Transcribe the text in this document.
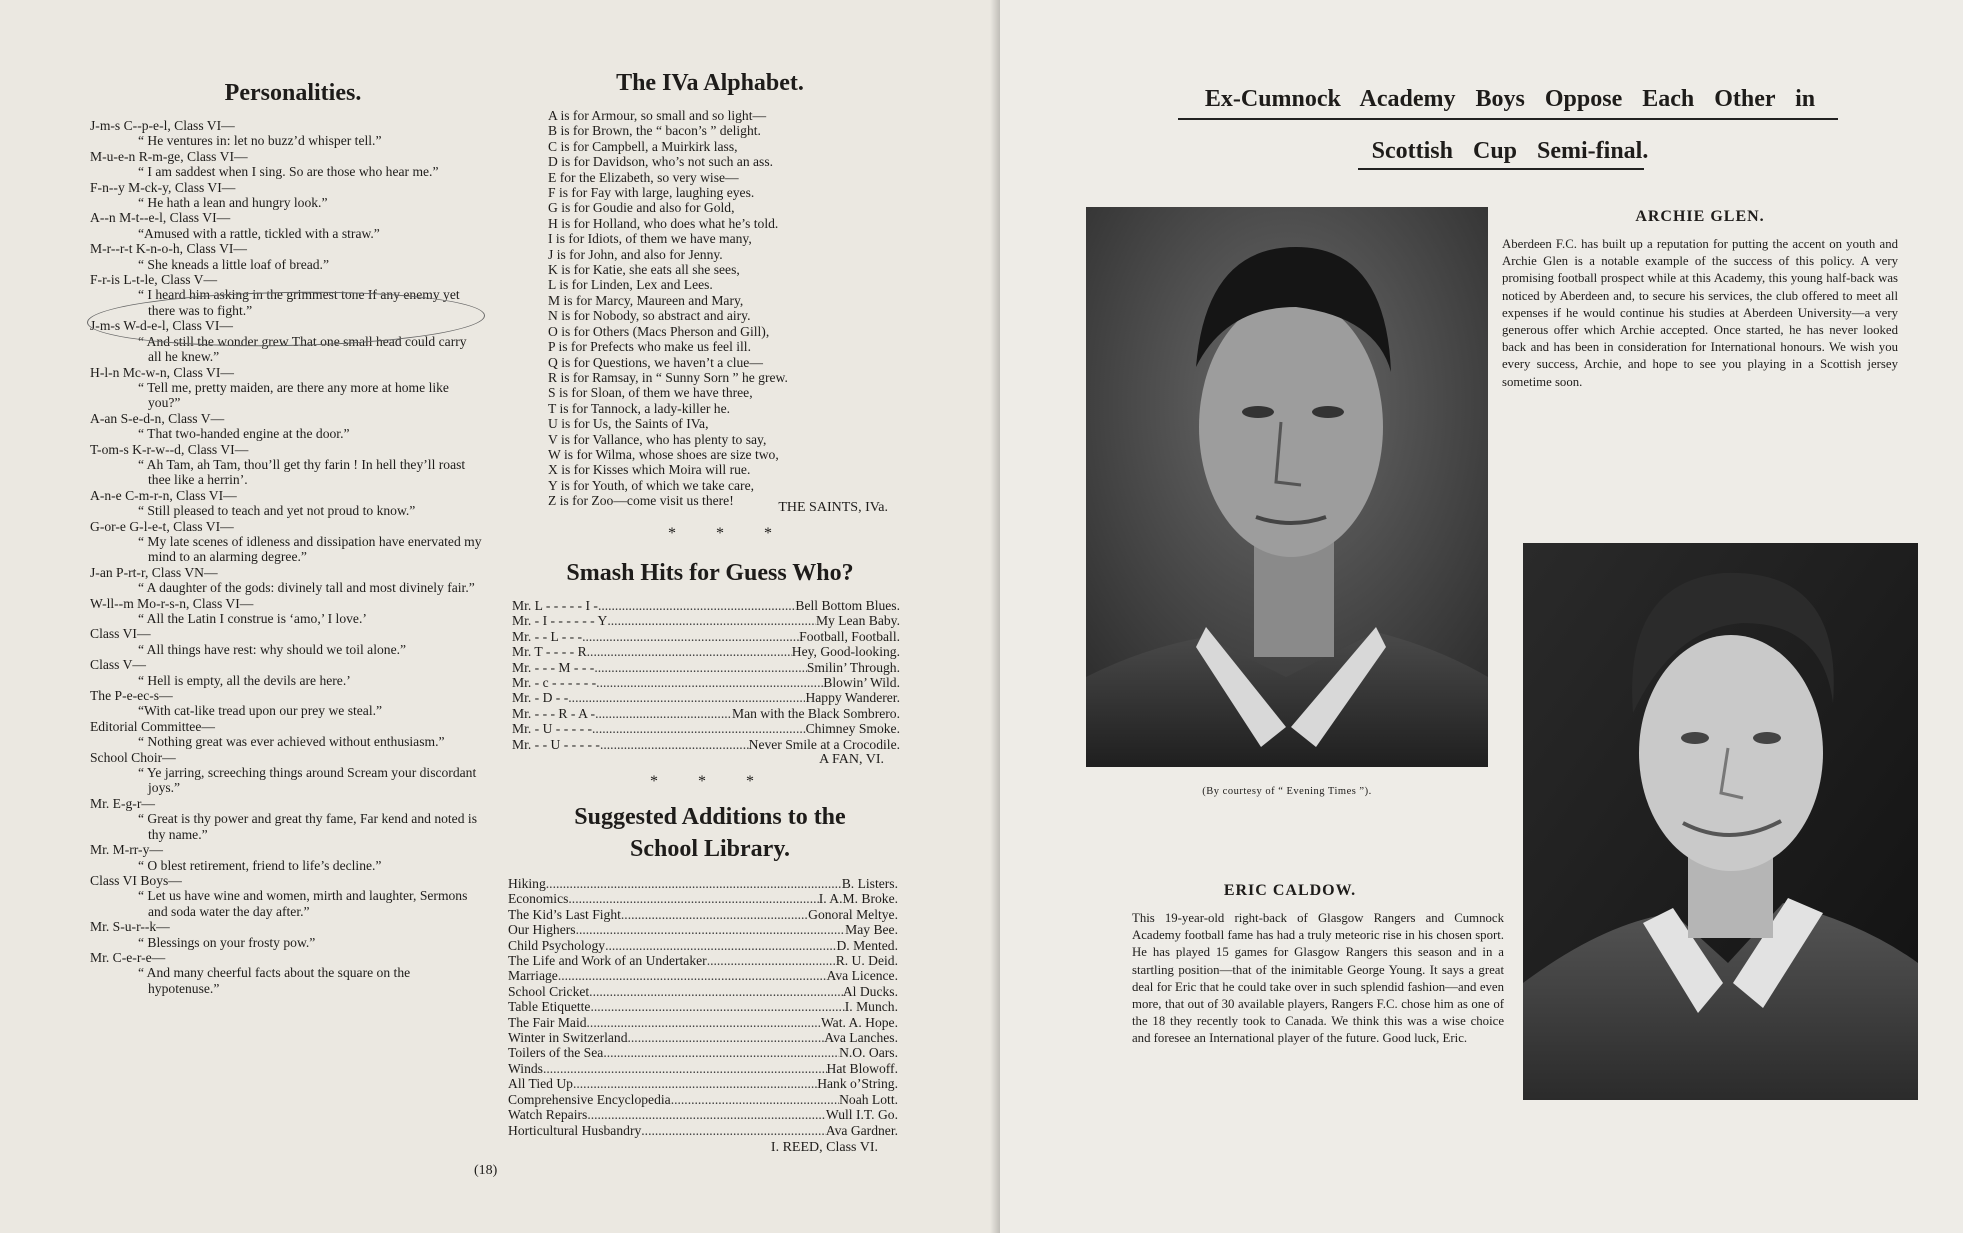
Personalities.
J-m-s C--p-e-l, Class VI—
“ He ventures in: let no buzz’d whisper tell.”
M-u-e-n R-m-ge, Class VI—
“ I am saddest when I sing. So are those who hear me.”
F-n--y M-ck-y, Class VI—
“ He hath a lean and hungry look.”
A--n M-t--e-l, Class VI—
“Amused with a rattle, tickled with a straw.”
M-r--r-t K-n-o-h, Class VI—
“ She kneads a little loaf of bread.”
F-r-is L-t-le, Class V—
“ I heard him asking in the grimmest tone If any enemy yet there was to fight.”
J-m-s W-d-e-l, Class VI—
“ And still the wonder grew That one small head could carry all he knew.”
H-l-n Mc-w-n, Class VI—
“ Tell me, pretty maiden, are there any more at home like you?”
A-an S-e-d-n, Class V—
“ That two-handed engine at the door.”
T-om-s K-r-w--d, Class VI—
“ Ah Tam, ah Tam, thou’ll get thy farin ! In hell they’ll roast thee like a herrin’.
A-n-e C-m-r-n, Class VI—
“ Still pleased to teach and yet not proud to know.”
G-or-e G-l-e-t, Class VI—
“ My late scenes of idleness and dissipation have enervated my mind to an alarming degree.”
J-an P-rt-r, Class VN—
“ A daughter of the gods: divinely tall and most divinely fair.”
W-ll--m Mo-r-s-n, Class VI—
“ All the Latin I construe is ‘amo,’ I love.’
Class VI—
“ All things have rest: why should we toil alone.”
Class V—
“ Hell is empty, all the devils are here.’
The P-e-ec-s—
“With cat-like tread upon our prey we steal.”
Editorial Committee—
“ Nothing great was ever achieved without enthusiasm.”
School Choir—
“ Ye jarring, screeching things around Scream your discordant joys.”
Mr. E-g-r—
“ Great is thy power and great thy fame, Far kend and noted is thy name.”
Mr. M-rr-y—
“ O blest retirement, friend to life’s decline.”
Class VI Boys—
“ Let us have wine and women, mirth and laughter, Sermons and soda water the day after.”
Mr. S-u-r--k—
“ Blessings on your frosty pow.”
Mr. C-e-r-e—
“ And many cheerful facts about the square on the hypotenuse.”
The IVa Alphabet.
A is for Armour, so small and so light—
B is for Brown, the “ bacon’s ” delight.
C is for Campbell, a Muirkirk lass,
D is for Davidson, who’s not such an ass.
E for the Elizabeth, so very wise—
F is for Fay with large, laughing eyes.
G is for Goudie and also for Gold,
H is for Holland, who does what he’s told.
I is for Idiots, of them we have many,
J is for John, and also for Jenny.
K is for Katie, she eats all she sees,
L is for Linden, Lex and Lees.
M is for Marcy, Maureen and Mary,
N is for Nobody, so abstract and airy.
O is for Others (Macs Pherson and Gill),
P is for Prefects who make us feel ill.
Q is for Questions, we haven’t a clue—
R is for Ramsay, in “ Sunny Sorn ” he grew.
S is for Sloan, of them we have three,
T is for Tannock, a lady-killer he.
U is for Us, the Saints of IVa,
V is for Vallance, who has plenty to say,
W is for Wilma, whose shoes are size two,
X is for Kisses which Moira will rue.
Y is for Youth, of which we take care,
Z is for Zoo—come visit us there!	THE SAINTS, IVa.
* * *
Smash Hits for Guess Who?
Mr. L - - - - - I - .....	Bell Bottom Blues.
Mr. - I - - - - - - Y .....	My Lean Baby.
Mr. - - L - - - .....	Football, Football.
Mr. T - - - - R .....	Hey, Good-looking.
Mr. - - - M - - - .....	Smilin’ Through.
Mr. - c - - - - - - .....	Blowin’ Wild.
Mr. - D - - .....	Happy Wanderer.
Mr. - - - R - A - .....	Man with the Black Sombrero.
Mr. - U - - - - - .....	Chimney Smoke.
Mr. - - U - - - - - .....	Never Smile at a Crocodile.
A FAN, VI.
* * *
Suggested Additions to the
School Library.
Hiking .....	B. Listers.
Economics .....	I. A.M. Broke.
The Kid’s Last Fight .....	Gonoral Meltye.
Our Highers .....	May Bee.
Child Psychology .....	D. Mented.
The Life and Work of an Undertaker .....	R. U. Deid.
Marriage .....	Ava Licence.
School Cricket .....	Al Ducks.
Table Etiquette .....	I. Munch.
The Fair Maid .....	Wat. A. Hope.
Winter in Switzerland .....	Ava Lanches.
Toilers of the Sea .....	N.O. Oars.
Winds .....	Hat Blowoff.
All Tied Up .....	Hank o’String.
Comprehensive Encyclopedia .....	Noah Lott.
Watch Repairs .....	Wull I.T. Go.
Horticultural Husbandry .....	Ava Gardner.
I. REED, Class VI.
(18)
Ex-Cumnock Academy Boys Oppose Each Other in
Scottish Cup Semi-final.
(By courtesy of “ Evening Times ”).
ARCHIE GLEN.
Aberdeen F.C. has built up a reputation for putting the accent on youth and Archie Glen is a notable example of the success of this policy. A very promising football prospect while at this Academy, this young half-back was noticed by Aberdeen and, to secure his services, the club offered to meet all expenses if he would continue his studies at Aberdeen University—a very generous offer which Archie accepted. Once started, he has never looked back and has been in consideration for International honours. We wish you every success, Archie, and hope to see you playing in a Scottish jersey sometime soon.
ERIC CALDOW.
This 19-year-old right-back of Glasgow Rangers and Cumnock Academy football fame has had a truly meteoric rise in his chosen sport. He has played 15 games for Glasgow Rangers this season and in a startling position—that of the inimitable George Young. It says a great deal for Eric that he could take over in such splendid fashion—and even more, that out of 30 available players, Rangers F.C. chose him as one of the 18 they recently took to Canada. We think this was a wise choice and foresee an International player of the future. Good luck, Eric.
